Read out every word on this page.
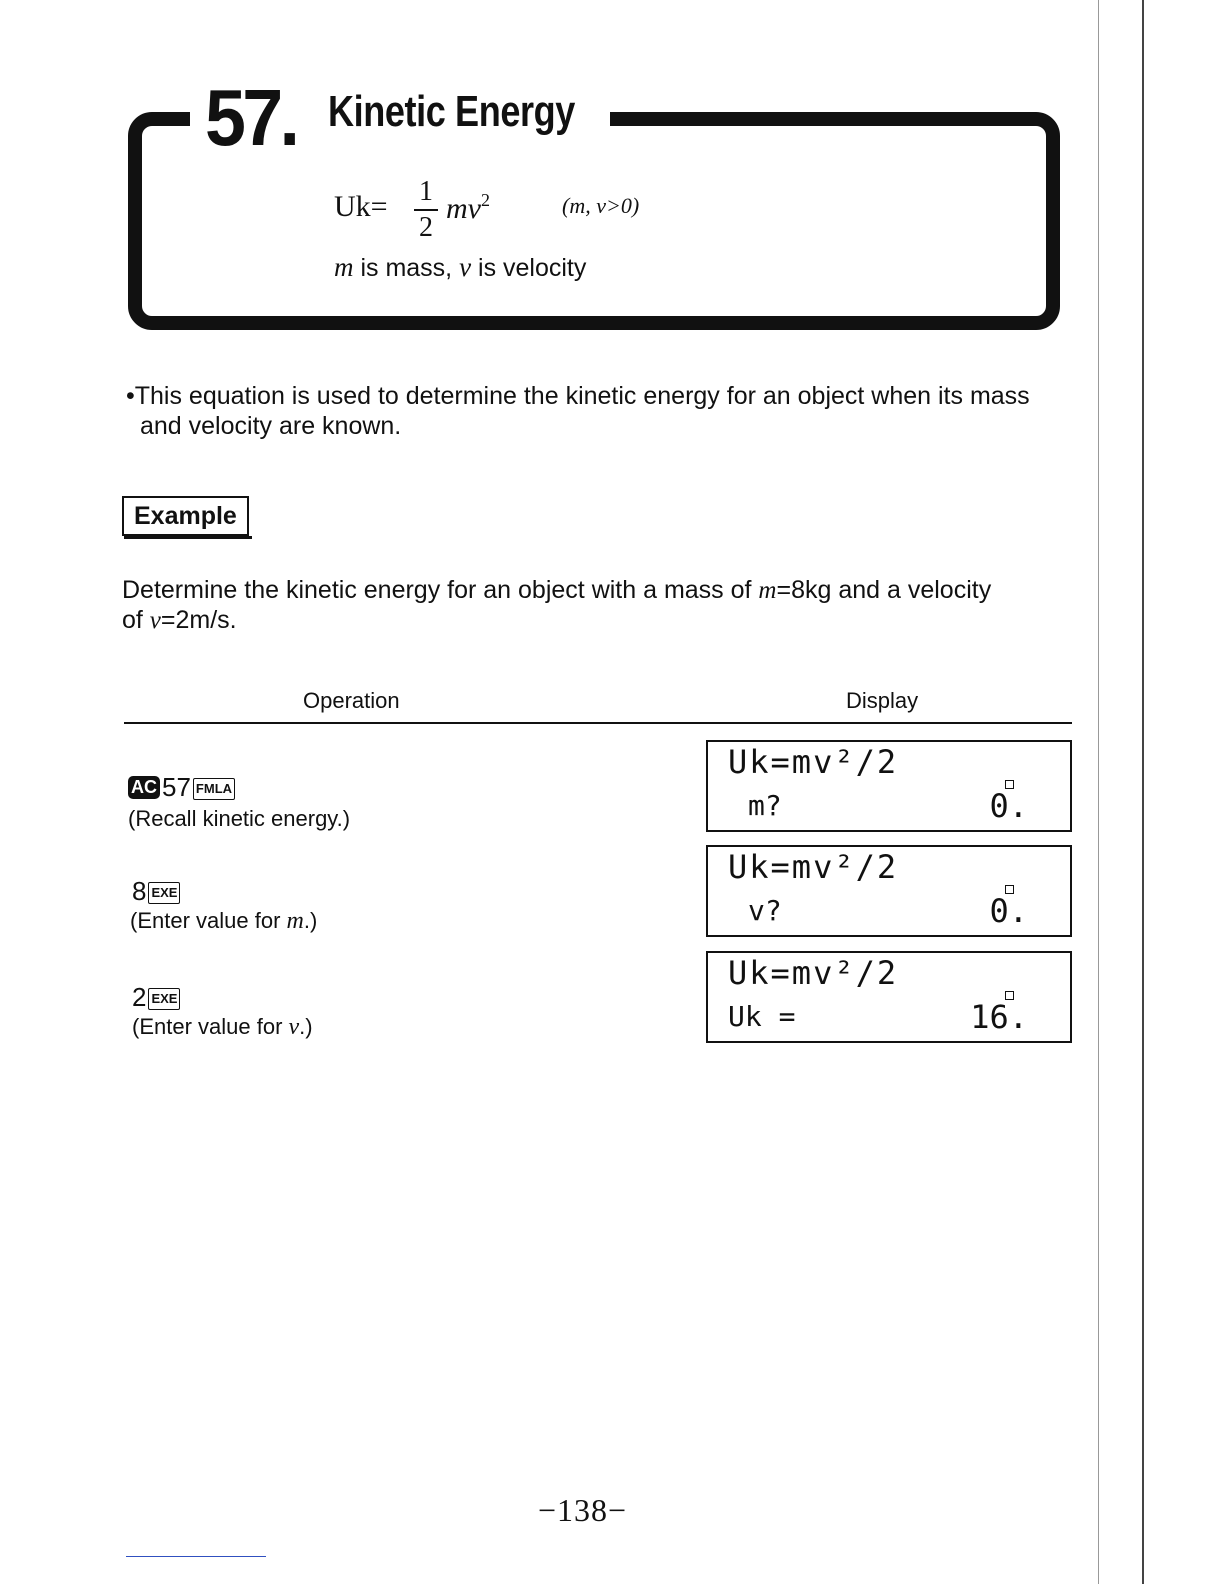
57. Kinetic Energy
Uk= 1
2
$mv^2$	(m, v>0)
m is mass, v is velocity
•This equation is used to determine the kinetic energy for an object when its mass
and velocity are known.
Example
Determine the kinetic energy for an object with a mass of m=8kg and a velocity
of v=2m/s.
Operation	Display
AC 57 FMLA
(Recall kinetic energy.)
Uk=mv²/2
m?	0.
8 EXE
(Enter value for m.)
Uk=mv²/2
v?	0.
2 EXE
(Enter value for v.)
Uk=mv²/2
Uk =	16.
−138−
